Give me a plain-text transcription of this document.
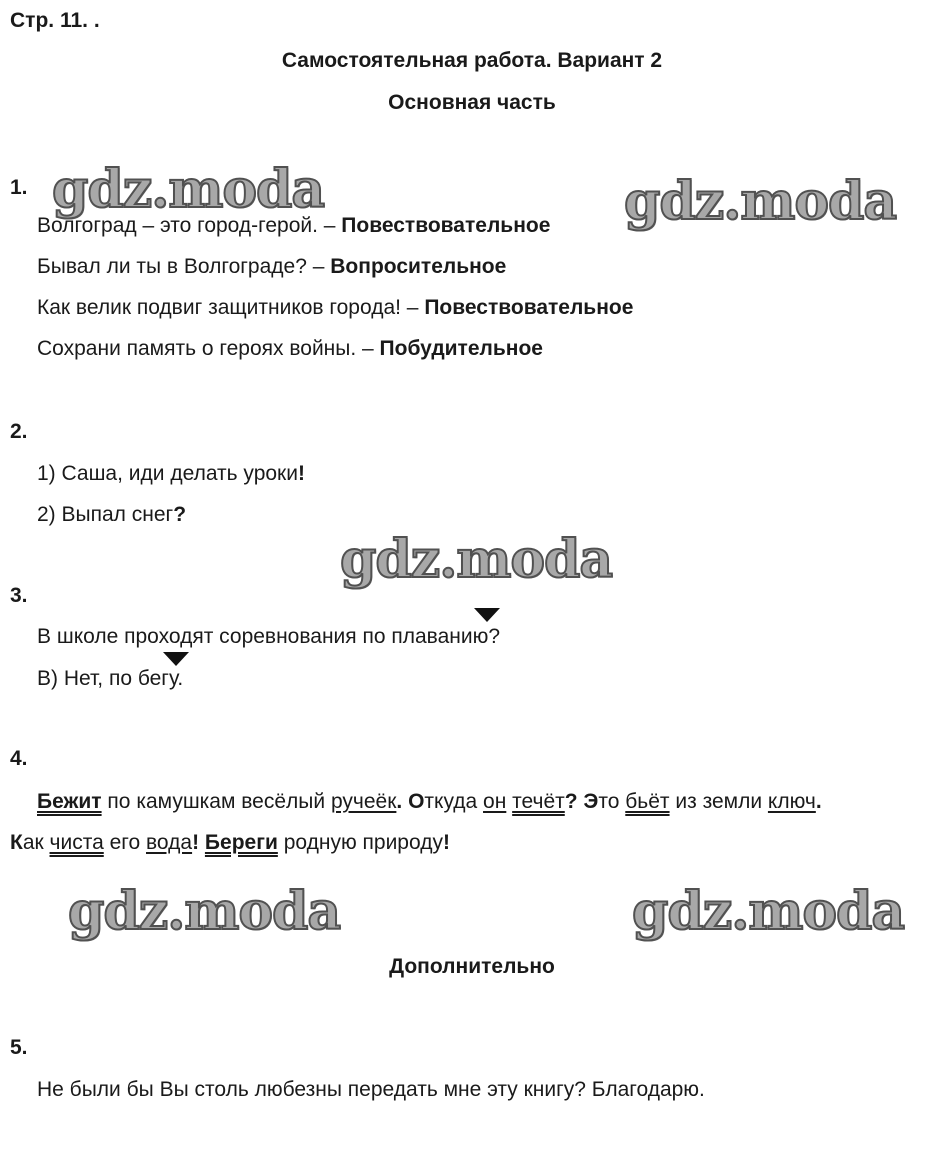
Стр. 11. .
Самостоятельная работа. Вариант 2
Основная часть
gdz.moda	gdz.moda
gdz.moda
gdz.moda	gdz.moda
1.
Волгоград – это город-герой. – Повествовательное
Бывал ли ты в Волгограде? – Вопросительное
Как велик подвиг защитников города! – Повествовательное
Сохрани память о героях войны. – Побудительное
2.
1) Саша, иди делать уроки!
2) Выпал снег?
3.
В школе проходят соревнования по плаванию?
В) Нет, по бегу.
4.
Бежит по камушкам весёлый ручеёк. Откуда он течёт? Это бьёт из земли ключ.
Как чиста его вода! Береги родную природу!
Дополнительно
5.
Не были бы Вы столь любезны передать мне эту книгу? Благодарю.
